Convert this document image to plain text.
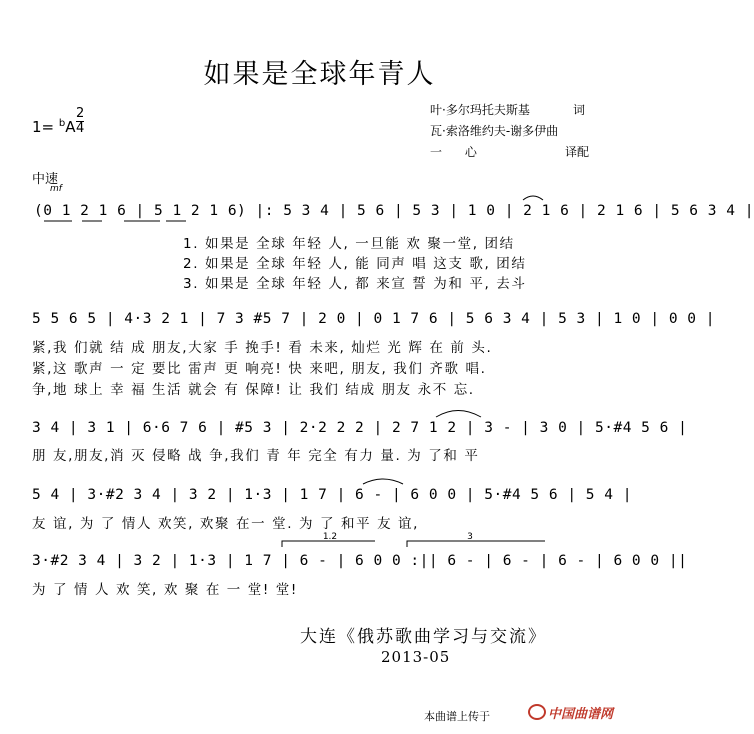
如果是全球年青人
1= $^b$A
2
4
叶·多尔玛托夫斯基	词
瓦·索洛维约夫-谢多伊曲
一      心	译配
中速
mf
(0 1 2 1 6 | 5 1 2 1 6) |: 5 3 4 | 5 6 | 5 3 | 1 0 | 2 1 6 | 2 1 6 | 5 6 3 4 |
1. 如果是 全球 年轻 人, 一旦能 欢 聚一堂, 团结
2. 如果是 全球 年轻 人, 能 同声 唱 这支 歌, 团结
3. 如果是 全球 年轻 人, 都 来宣 誓 为和 平, 去斗
5 5 6 5 | 4·3 2 1 | 7 3 #5 7 | 2 0 | 0 1 7 6 | 5 6 3 4 | 5 3 | 1 0 | 0 0 |
紧,我 们就 结 成 朋友,大家 手 挽手! 看 未来, 灿烂 光 辉 在 前 头.
紧,这 歌声 一 定 要比 雷声 更 响亮! 快 来吧, 朋友, 我们 齐歌 唱.
争,地 球上 幸 福 生活 就会 有 保障! 让 我们 结成 朋友 永不 忘.
3 4 | 3 1 | 6·6 7 6 | #5 3 | 2·2 2 2 | 2 7 1 2 | 3 - | 3 0 | 5·#4 5 6 |
朋 友,朋友,消 灭 侵略 战 争,我们 青 年 完全 有力 量. 为 了和 平
5 4 | 3·#2 3 4 | 3 2 | 1·3 | 1 7 | 6 - | 6 0 0 | 5·#4 5 6 | 5 4 |
友 谊, 为 了 情人 欢笑, 欢聚 在一 堂. 为 了 和平 友 谊,
3·#2 3 4 | 3 2 | 1·3 | 1 7 | 6 - | 6 0 0 :|| 6 - | 6 - | 6 - | 6 0 0 ||
为 了 情 人 欢 笑, 欢 聚 在 一 堂! 堂!
1.2	3
大连《俄苏歌曲学习与交流》
2013-05
本曲谱上传于	中国曲谱网
